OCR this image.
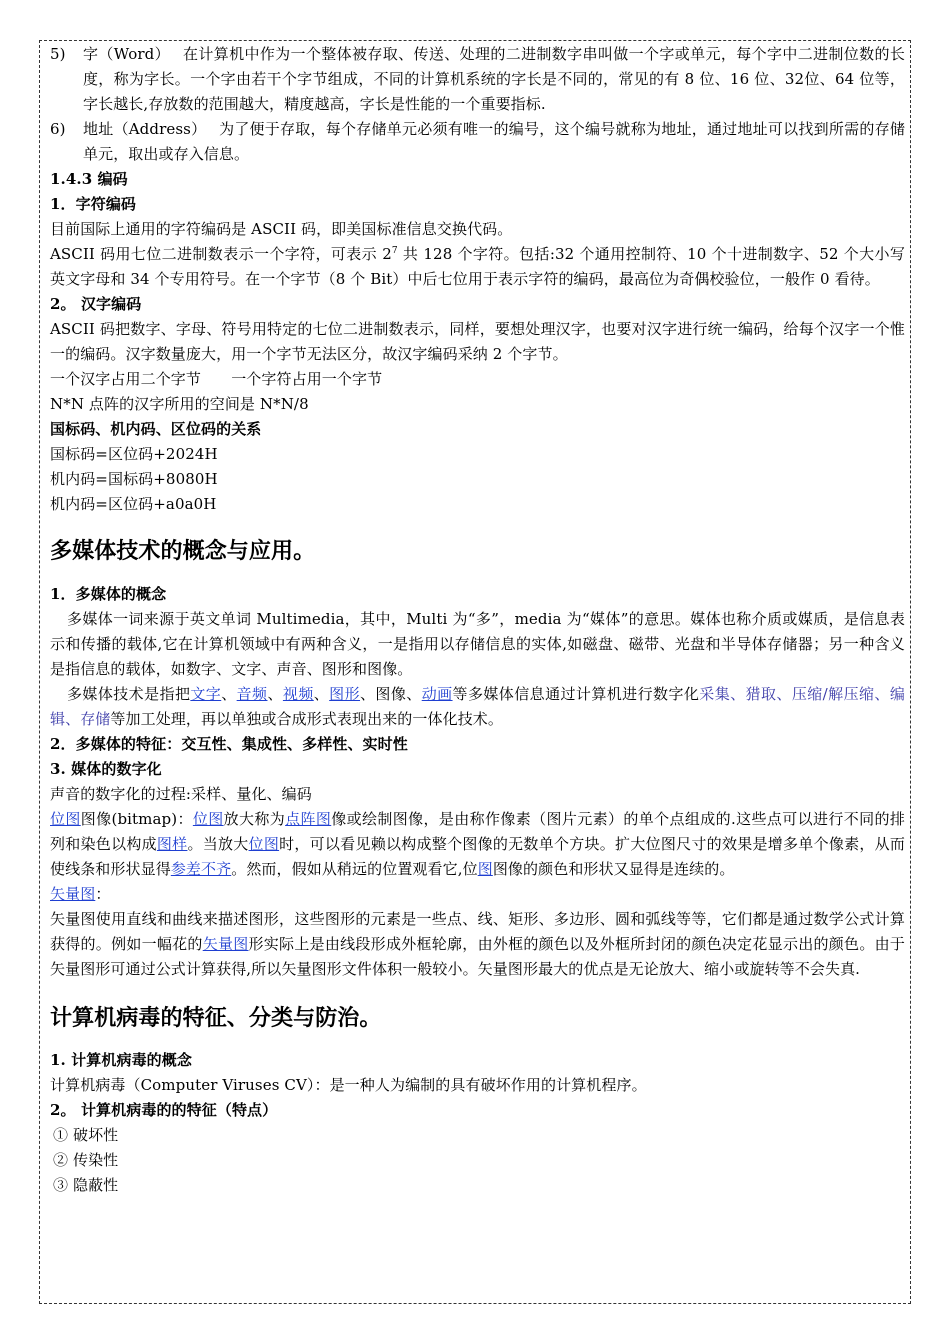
5)	字（Word）　 在计算机中作为一个整体被存取、传送、处理的二进制数字串叫做一个字或单元，每个字中二进制位数的长度，称为字长。一个字由若干个字节组成，不同的计算机系统的字长是不同的，常见的有 8 位、16 位、32位、64 位等，字长越长,存放数的范围越大，精度越高，字长是性能的一个重要指标.

6)	地址（Address）　 为了便于存取，每个存储单元必须有唯一的编号，这个编号就称为地址，通过地址可以找到所需的存储单元，取出或存入信息。

1.4.3 编码

1．字符编码

目前国际上通用的字符编码是 ASCII 码，即美国标准信息交换代码。

ASCII 码用七位二进制数表示一个字符，可表示 $2^7$ 共 128 个字符。包括:32 个通用控制符、10 个十进制数字、52 个大小写英文字母和 34 个专用符号。在一个字节（8 个 Bit）中后七位用于表示字符的编码，最高位为奇偶校验位，一般作 0 看待。

2。 汉字编码

ASCII 码把数字、字母、符号用特定的七位二进制数表示，同样，要想处理汉字，也要对汉字进行统一编码，给每个汉字一个惟一的编码。汉字数量庞大，用一个字节无法区分，故汉字编码采纳 2 个字节。

一个汉字占用二个字节　　一个字符占用一个字节

N*N 点阵的汉字所用的空间是 N*N/8

国标码、机内码、区位码的关系

国标码=区位码+2024H

机内码=国标码+8080H

机内码=区位码+a0a0H

多媒体技术的概念与应用。

1．多媒体的概念

多媒体一词来源于英文单词 Multimedia，其中，Multi 为“多”，media 为“媒体”的意思。媒体也称介质或媒质，是信息表示和传播的载体,它在计算机领域中有两种含义，一是指用以存储信息的实体,如磁盘、磁带、光盘和半导体存储器；另一种含义是指信息的载体，如数字、文字、声音、图形和图像。

多媒体技术是指把文字、音频、视频、图形、图像、动画等多媒体信息通过计算机进行数字化采集、猎取、压缩/解压缩、编辑、存储等加工处理，再以单独或合成形式表现出来的一体化技术。

2．多媒体的特征：交互性、集成性、多样性、实时性

3. 媒体的数字化

声音的数字化的过程:采样、量化、编码

位图图像(bitmap)：位图放大称为点阵图像或绘制图像，是由称作像素（图片元素）的单个点组成的.这些点可以进行不同的排列和染色以构成图样。当放大位图时，可以看见赖以构成整个图像的无数单个方块。扩大位图尺寸的效果是增多单个像素，从而使线条和形状显得参差不齐。然而，假如从稍远的位置观看它,位图图像的颜色和形状又显得是连续的。

矢量图：

矢量图使用直线和曲线来描述图形，这些图形的元素是一些点、线、矩形、多边形、圆和弧线等等，它们都是通过数学公式计算获得的。例如一幅花的矢量图形实际上是由线段形成外框轮廓，由外框的颜色以及外框所封闭的颜色决定花显示出的颜色。由于矢量图形可通过公式计算获得,所以矢量图形文件体积一般较小。矢量图形最大的优点是无论放大、缩小或旋转等不会失真.

计算机病毒的特征、分类与防治。

1. 计算机病毒的概念

计算机病毒（Computer Viruses CV）：是一种人为编制的具有破坏作用的计算机程序。

2。 计算机病毒的的特征（特点）

① 破坏性

② 传染性

③ 隐蔽性
